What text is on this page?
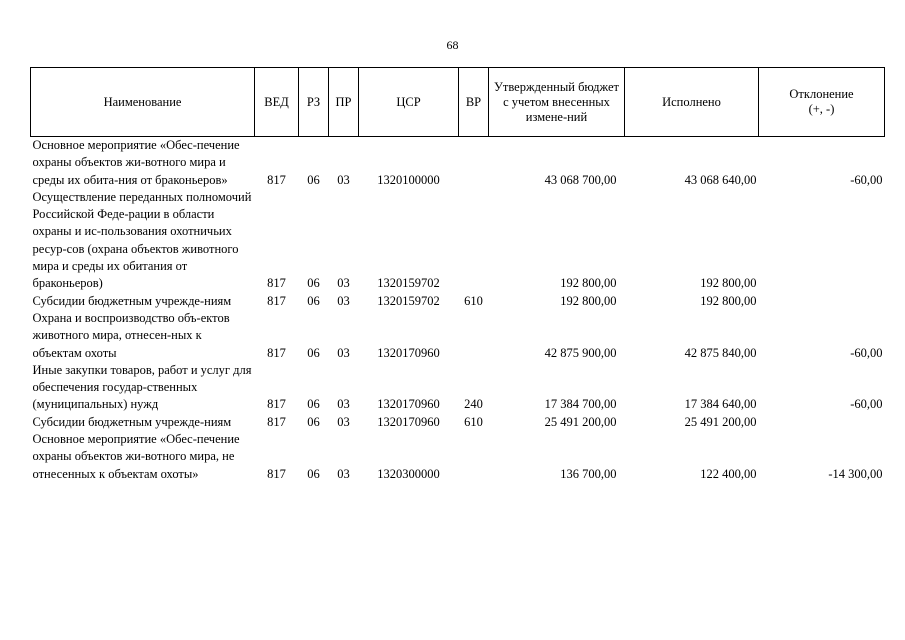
68
Наименование	ВЕД	РЗ	ПР	ЦСР	ВР	Утвержденный бюджет с учетом внесенных измене-ний	Исполнено	Отклонение
(+, -)
Основное мероприятие «Обес-печение охраны объектов жи-вотного мира и среды их обита-ния от браконьеров»	817	06	03	1320100000		43 068 700,00	43 068 640,00	-60,00
Осуществление переданных полномочий Российской Феде-рации в области охраны и ис-пользования охотничьих ресур-сов (охрана объектов животного мира и среды их обитания от браконьеров)	817	06	03	1320159702		192 800,00	192 800,00	
Субсидии бюджетным учрежде-ниям	817	06	03	1320159702	610	192 800,00	192 800,00	
Охрана и воспроизводство объ-ектов животного мира, отнесен-ных к объектам охоты	817	06	03	1320170960		42 875 900,00	42 875 840,00	-60,00
Иные закупки товаров, работ и услуг для обеспечения государ-ственных (муниципальных) нужд	817	06	03	1320170960	240	17 384 700,00	17 384 640,00	-60,00
Субсидии бюджетным учрежде-ниям	817	06	03	1320170960	610	25 491 200,00	25 491 200,00	
Основное мероприятие «Обес-печение охраны объектов жи-вотного мира, не отнесенных к объектам охоты»	817	06	03	1320300000		136 700,00	122 400,00	-14 300,00
